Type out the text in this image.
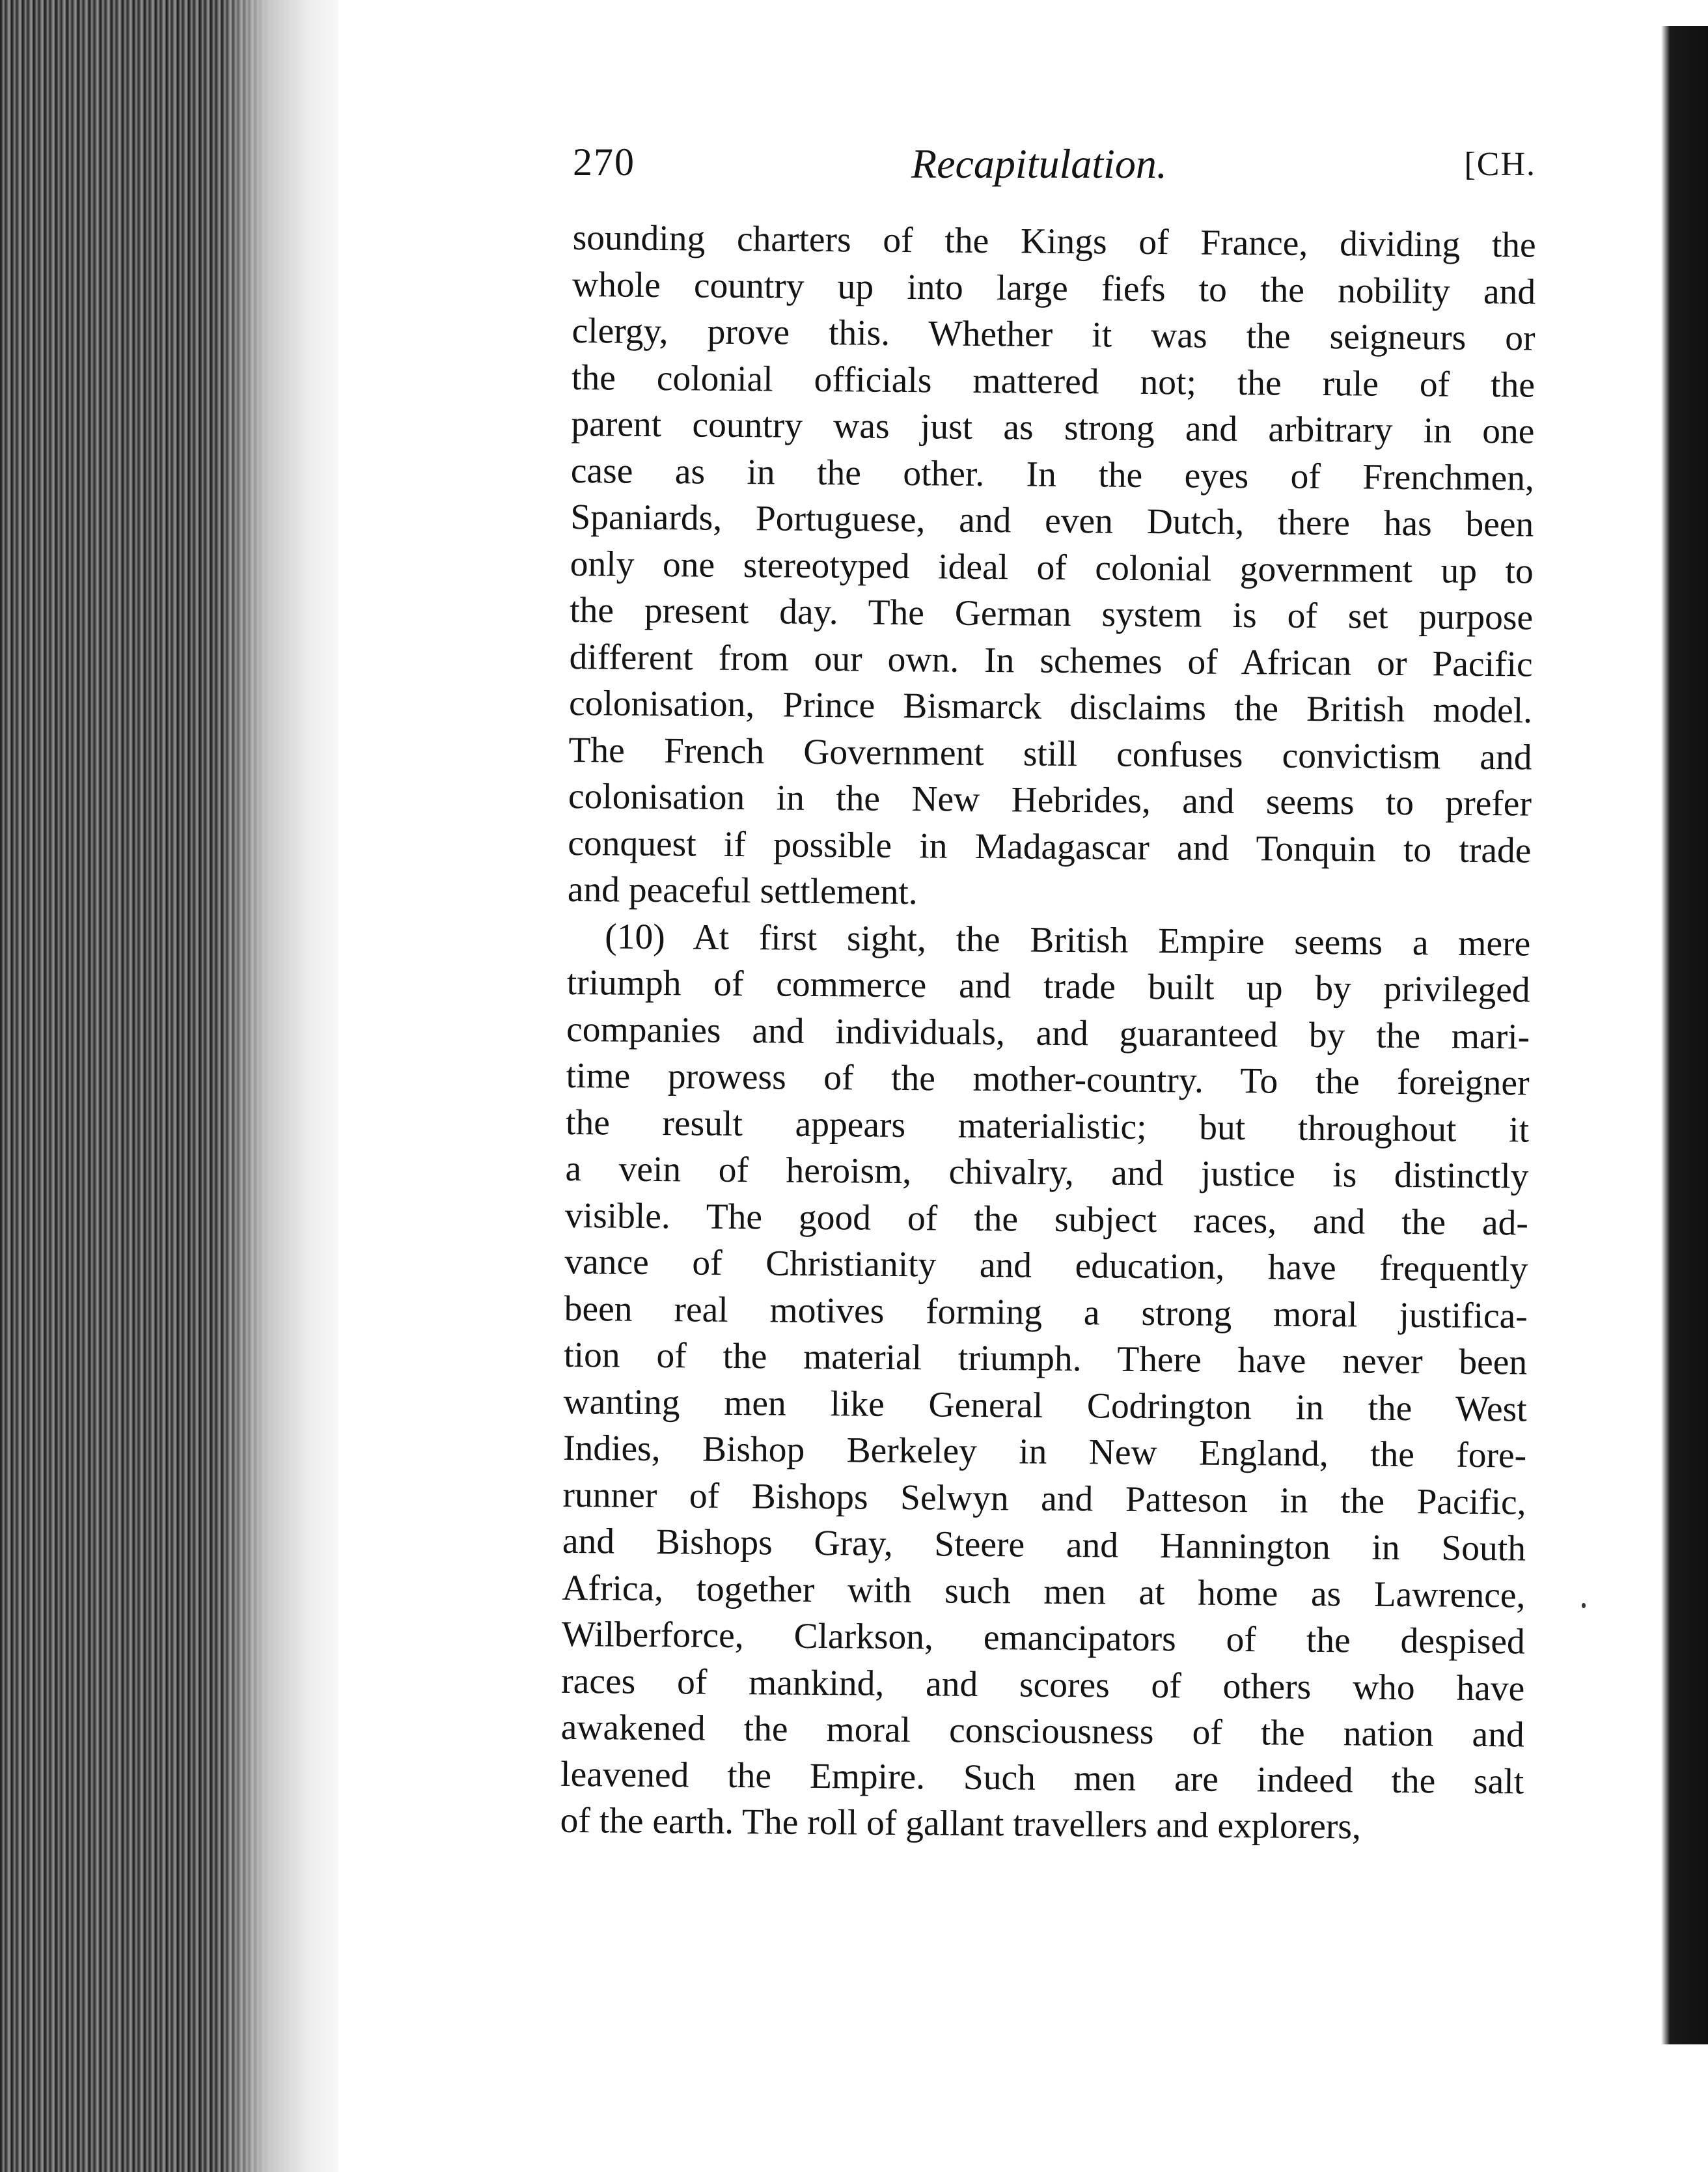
270	Recapitulation.	[CH.
sounding charters of the Kings of France, dividing the
whole country up into large fiefs to the nobility and
clergy, prove this. Whether it was the seigneurs or
the colonial officials mattered not; the rule of the
parent country was just as strong and arbitrary in one
case as in the other. In the eyes of Frenchmen,
Spaniards, Portuguese, and even Dutch, there has been
only one stereotyped ideal of colonial government up to
the present day. The German system is of set purpose
different from our own. In schemes of African or Pacific
colonisation, Prince Bismarck disclaims the British model.
The French Government still confuses convictism and
colonisation in the New Hebrides, and seems to prefer
conquest if possible in Madagascar and Tonquin to trade
and peaceful settlement.
(10) At first sight, the British Empire seems a mere
triumph of commerce and trade built up by privileged
companies and individuals, and guaranteed by the mari-
time prowess of the mother-country. To the foreigner
the result appears materialistic; but throughout it
a vein of heroism, chivalry, and justice is distinctly
visible. The good of the subject races, and the ad-
vance of Christianity and education, have frequently
been real motives forming a strong moral justifica-
tion of the material triumph. There have never been
wanting men like General Codrington in the West
Indies, Bishop Berkeley in New England, the fore-
runner of Bishops Selwyn and Patteson in the Pacific,
and Bishops Gray, Steere and Hannington in South
Africa, together with such men at home as Lawrence,
Wilberforce, Clarkson, emancipators of the despised
races of mankind, and scores of others who have
awakened the moral consciousness of the nation and
leavened the Empire. Such men are indeed the salt
of the earth. The roll of gallant travellers and explorers,
